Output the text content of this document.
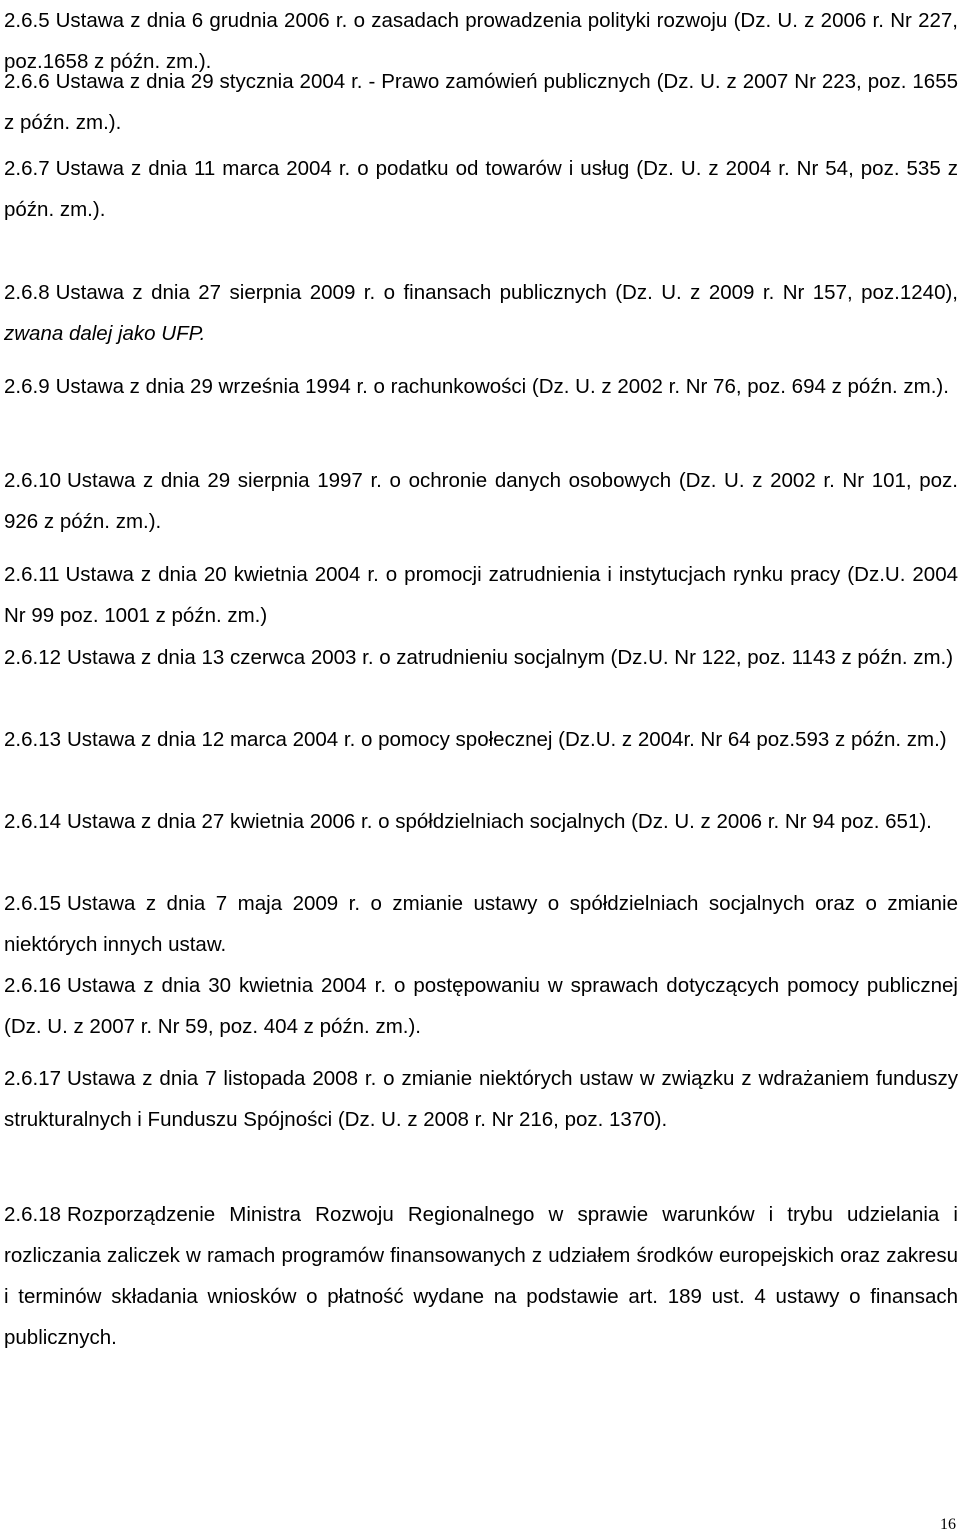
2.6.5 Ustawa z dnia 6 grudnia 2006 r. o zasadach prowadzenia polityki rozwoju (Dz. U. z 2006 r. Nr 227, poz.1658 z późn. zm.).

2.6.6 Ustawa z dnia 29 stycznia 2004 r. - Prawo zamówień publicznych (Dz. U. z 2007 Nr 223, poz. 1655 z późn. zm.).

2.6.7 Ustawa z dnia 11 marca 2004 r. o podatku od towarów i usług (Dz. U. z 2004 r. Nr 54, poz. 535 z późn. zm.).

2.6.8 Ustawa z dnia 27 sierpnia 2009 r. o finansach publicznych (Dz. U. z 2009 r. Nr 157, poz.1240), zwana dalej jako UFP.

2.6.9 Ustawa z dnia 29 września 1994 r. o rachunkowości (Dz. U. z 2002 r. Nr 76, poz. 694 z późn. zm.).

2.6.10 Ustawa z dnia 29 sierpnia 1997 r. o ochronie danych osobowych (Dz. U. z 2002 r. Nr 101, poz. 926 z późn. zm.).

2.6.11 Ustawa z dnia 20 kwietnia 2004 r. o promocji zatrudnienia i instytucjach rynku pracy (Dz.U. 2004 Nr 99 poz. 1001 z późn. zm.)

2.6.12 Ustawa z dnia 13 czerwca 2003 r. o zatrudnieniu socjalnym (Dz.U. Nr 122, poz. 1143 z późn. zm.)

2.6.13 Ustawa z dnia 12 marca 2004 r. o pomocy społecznej (Dz.U. z 2004r. Nr 64 poz.593 z późn. zm.)

2.6.14 Ustawa z dnia 27 kwietnia 2006 r. o spółdzielniach socjalnych (Dz. U. z 2006 r. Nr 94 poz. 651).

2.6.15 Ustawa z dnia 7 maja 2009 r. o zmianie ustawy o spółdzielniach socjalnych oraz o zmianie niektórych innych ustaw.

2.6.16 Ustawa z dnia 30 kwietnia 2004 r. o postępowaniu w sprawach dotyczących pomocy publicznej (Dz. U. z 2007 r. Nr 59, poz. 404 z późn. zm.).

2.6.17 Ustawa z dnia 7 listopada 2008 r. o zmianie niektórych ustaw w związku z wdrażaniem funduszy strukturalnych i Funduszu Spójności (Dz. U. z 2008 r. Nr 216, poz. 1370).

2.6.18 Rozporządzenie Ministra Rozwoju Regionalnego w sprawie warunków i trybu udzielania i rozliczania zaliczek w ramach programów finansowanych z udziałem środków europejskich oraz zakresu i terminów składania wniosków o płatność wydane na podstawie art. 189 ust. 4 ustawy o finansach publicznych.

16
